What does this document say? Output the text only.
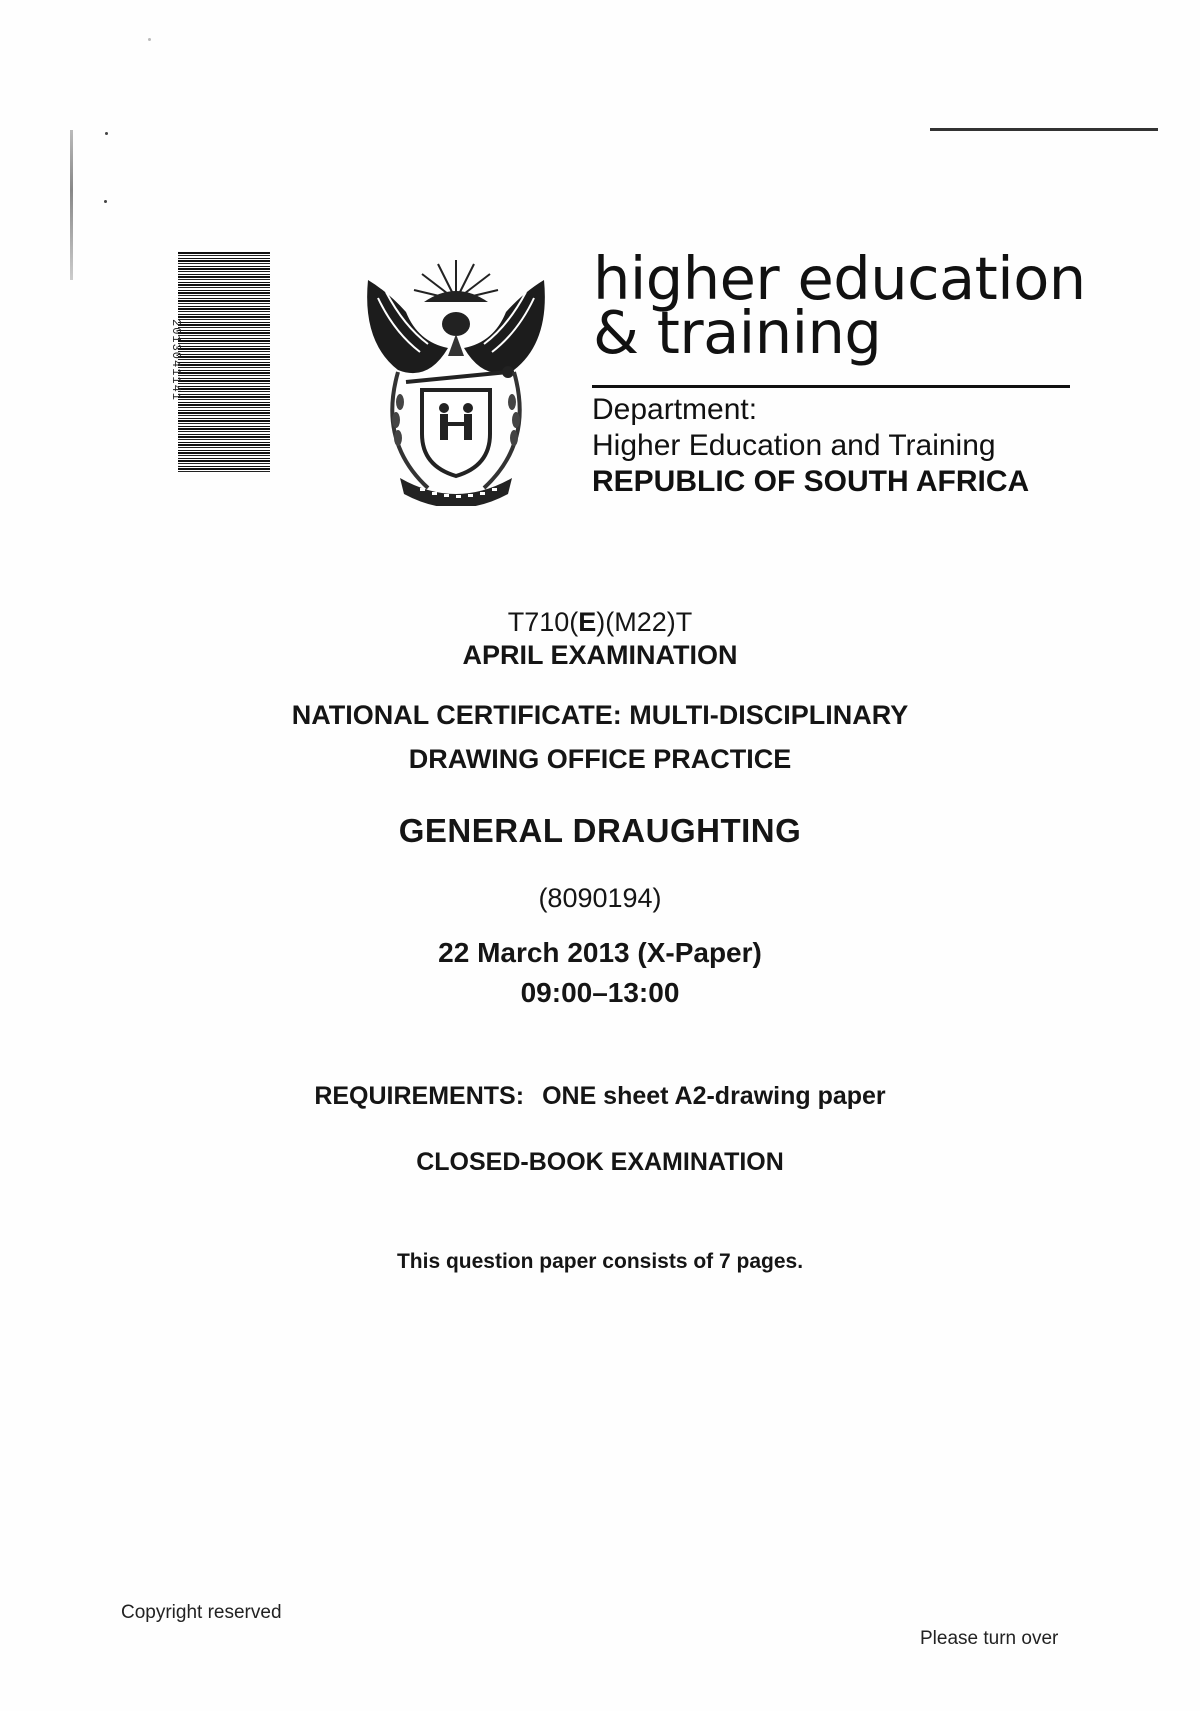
2013041141
higher education
& training
Department:
Higher Education and Training
REPUBLIC OF SOUTH AFRICA
T710(E)(M22)T
APRIL EXAMINATION
NATIONAL CERTIFICATE: MULTI-DISCIPLINARY
DRAWING OFFICE PRACTICE
GENERAL DRAUGHTING
(8090194)
22 March 2013 (X-Paper)
09:00–13:00
REQUIREMENTS: ONE sheet A2-drawing paper
CLOSED-BOOK EXAMINATION
This question paper consists of 7 pages.
Copyright reserved
Please turn over
